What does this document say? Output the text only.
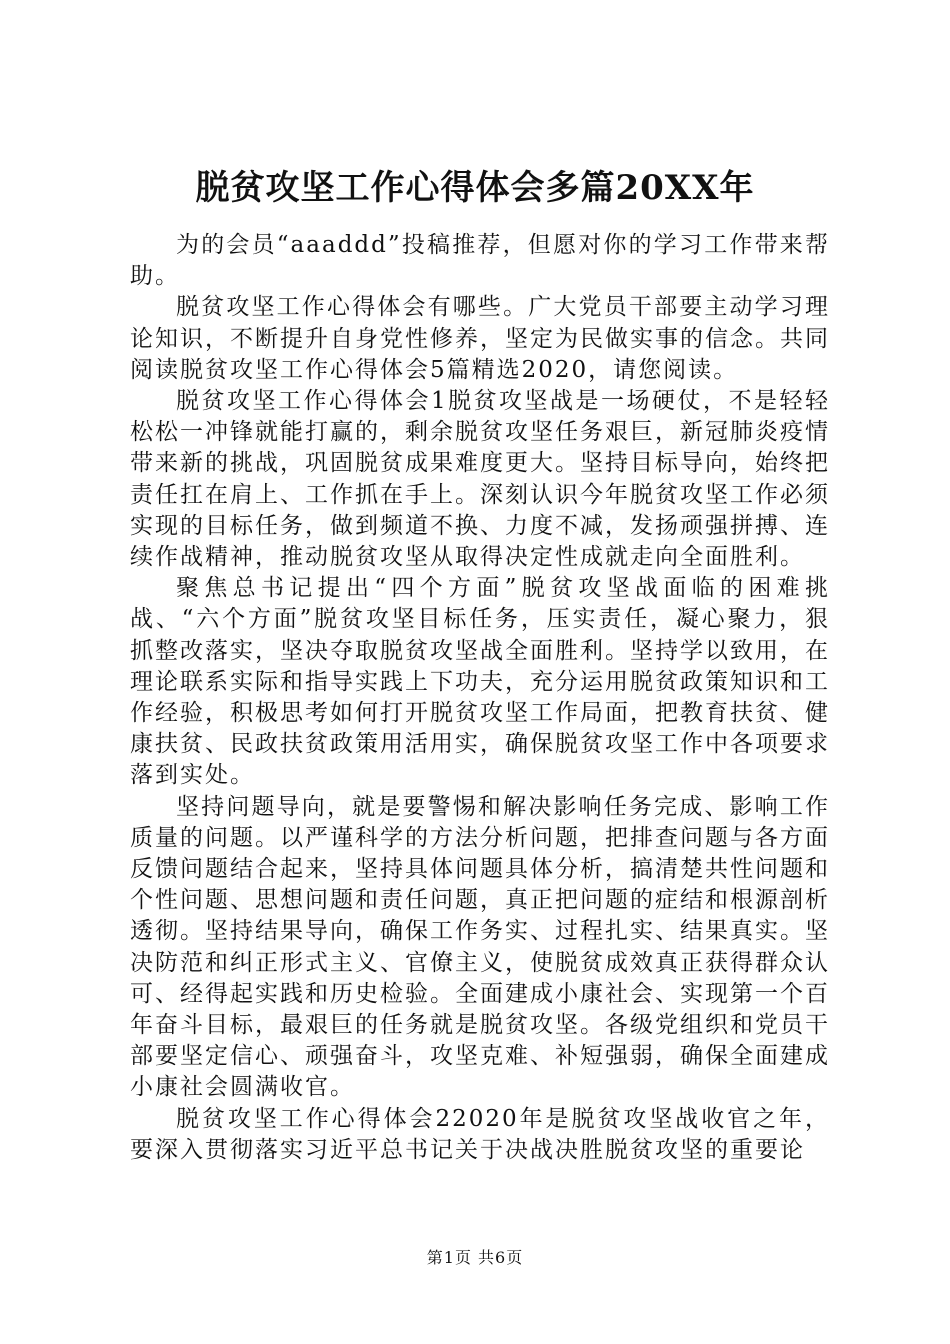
脱贫攻坚工作心得体会多篇20XX年

为的会员“aaaddd”投稿推荐，但愿对你的学习工作带来帮助。

脱贫攻坚工作心得体会有哪些。广大党员干部要主动学习理论知识，不断提升自身党性修养，坚定为民做实事的信念。共同阅读脱贫攻坚工作心得体会5篇精选2020，请您阅读。

脱贫攻坚工作心得体会1脱贫攻坚战是一场硬仗，不是轻轻松松一冲锋就能打赢的，剩余脱贫攻坚任务艰巨，新冠肺炎疫情带来新的挑战，巩固脱贫成果难度更大。坚持目标导向，始终把责任扛在肩上、工作抓在手上。深刻认识今年脱贫攻坚工作必须实现的目标任务，做到频道不换、力度不减，发扬顽强拼搏、连续作战精神，推动脱贫攻坚从取得决定性成就走向全面胜利。

聚焦总书记提出“四个方面”脱贫攻坚战面临的困难挑战、“六个方面”脱贫攻坚目标任务，压实责任，凝心聚力，狠抓整改落实，坚决夺取脱贫攻坚战全面胜利。坚持学以致用，在理论联系实际和指导实践上下功夫，充分运用脱贫政策知识和工作经验，积极思考如何打开脱贫攻坚工作局面，把教育扶贫、健康扶贫、民政扶贫政策用活用实，确保脱贫攻坚工作中各项要求落到实处。

坚持问题导向，就是要警惕和解决影响任务完成、影响工作质量的问题。以严谨科学的方法分析问题，把排查问题与各方面反馈问题结合起来，坚持具体问题具体分析，搞清楚共性问题和个性问题、思想问题和责任问题，真正把问题的症结和根源剖析透彻。坚持结果导向，确保工作务实、过程扎实、结果真实。坚决防范和纠正形式主义、官僚主义，使脱贫成效真正获得群众认可、经得起实践和历史检验。全面建成小康社会、实现第一个百年奋斗目标，最艰巨的任务就是脱贫攻坚。各级党组织和党员干部要坚定信心、顽强奋斗，攻坚克难、补短强弱，确保全面建成小康社会圆满收官。

脱贫攻坚工作心得体会22020年是脱贫攻坚战收官之年，要深入贯彻落实习近平总书记关于决战决胜脱贫攻坚的重要论

第1页 共6页
